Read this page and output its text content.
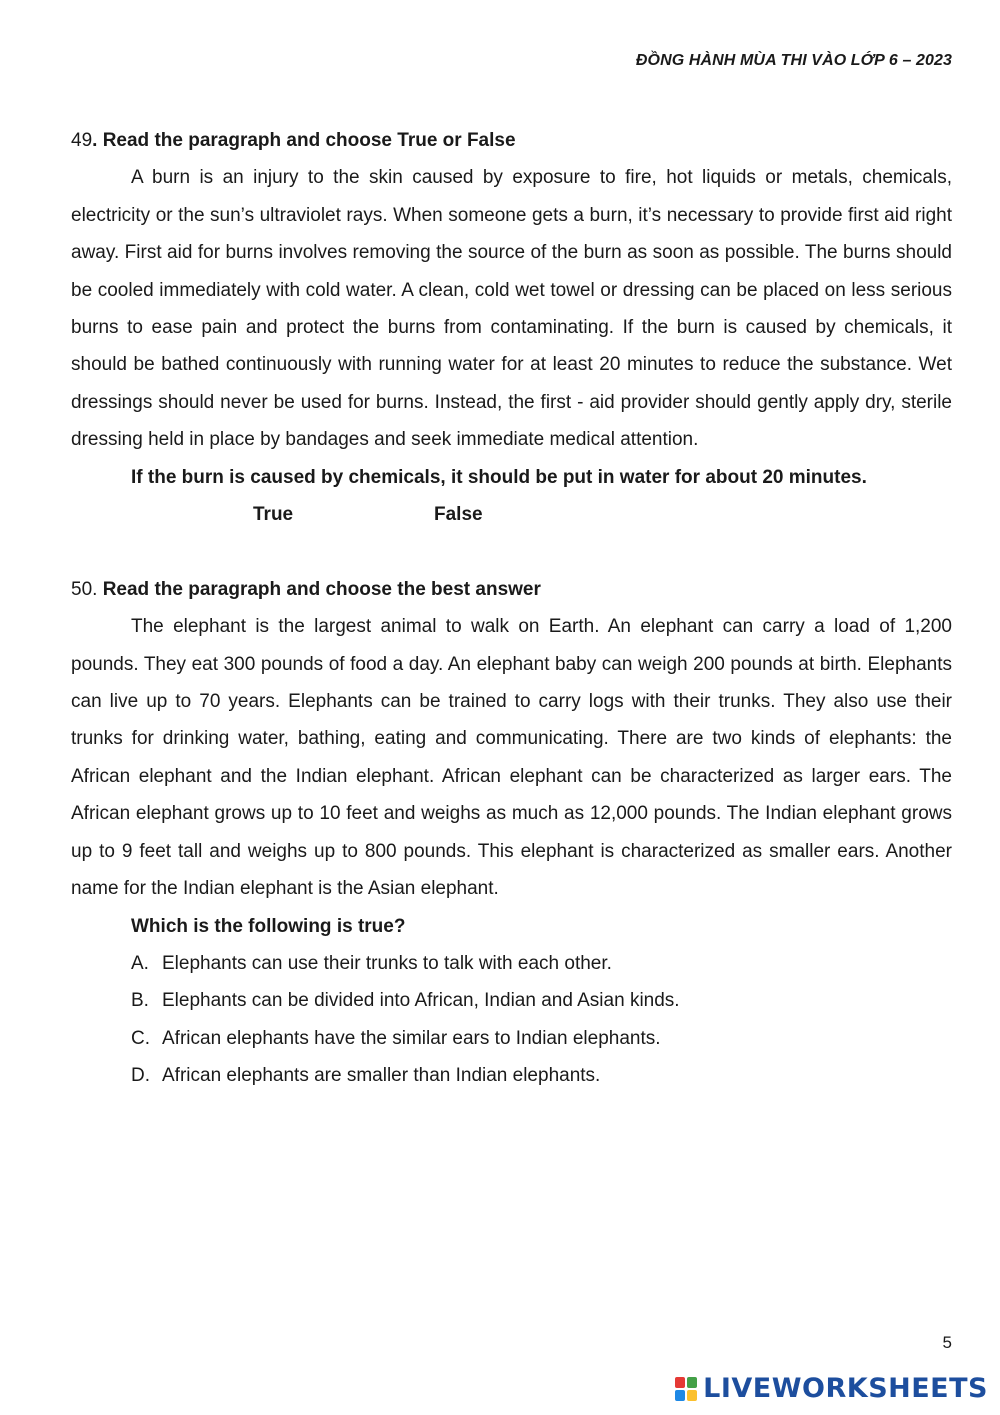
ĐỒNG HÀNH MÙA THI VÀO LỚP 6 – 2023

49. Read the paragraph and choose True or False

A burn is an injury to the skin caused by exposure to fire, hot liquids or metals, chemicals, electricity or the sun’s ultraviolet rays. When someone gets a burn, it’s necessary to provide first aid right away. First aid for burns involves removing the source of the burn as soon as possible. The burns should be cooled immediately with cold water. A clean, cold wet towel or dressing can be placed on less serious burns to ease pain and protect the burns from contaminating. If the burn is caused by chemicals, it should be bathed continuously with running water for at least 20 minutes to reduce the substance. Wet dressings should never be used for burns. Instead, the first - aid provider should gently apply dry, sterile dressing held in place by bandages and seek immediate medical attention.

If the burn is caused by chemicals, it should be put in water for about 20 minutes.

True	False

50. Read the paragraph and choose the best answer

The elephant is the largest animal to walk on Earth. An elephant can carry a load of 1,200 pounds. They eat 300 pounds of food a day. An elephant baby can weigh 200 pounds at birth. Elephants can live up to 70 years. Elephants can be trained to carry logs with their trunks. They also use their trunks for drinking water, bathing, eating and communicating. There are two kinds of elephants: the African elephant and the Indian elephant. African elephant can be characterized as larger ears. The African elephant grows up to 10 feet and weighs as much as 12,000 pounds. The Indian elephant grows up to 9 feet tall and weighs up to 800 pounds. This elephant is characterized as smaller ears. Another name for the Indian elephant is the Asian elephant.

Which is the following is true?

A. Elephants can use their trunks to talk with each other.
B. Elephants can be divided into African, Indian and Asian kinds.
C. African elephants have the similar ears to Indian elephants.
D. African elephants are smaller than Indian elephants.
5
LIVEWORKSHEETS
